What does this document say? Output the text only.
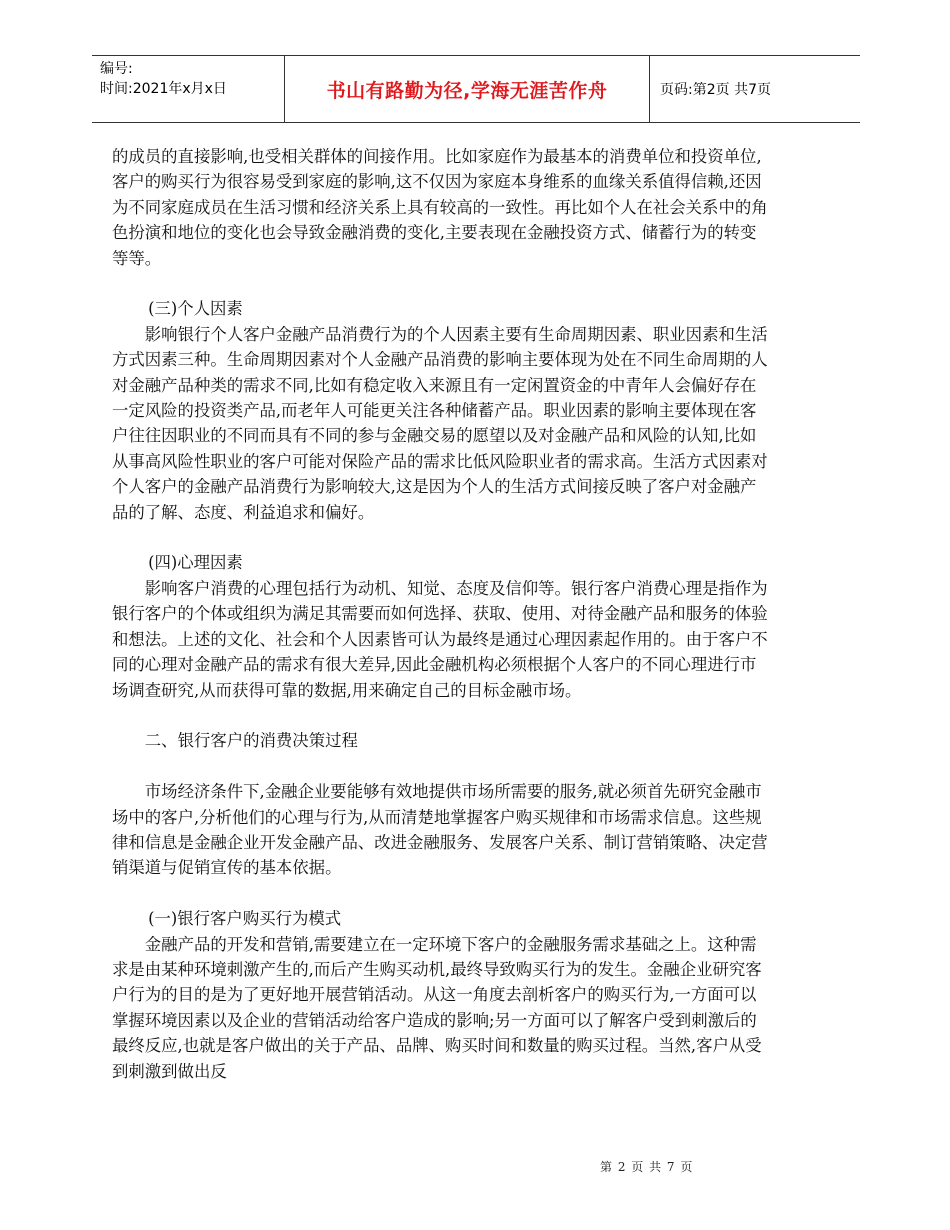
编号:
时间:2021年x月x日	书山有路勤为径,学海无涯苦作舟	页码:第2页 共7页

的成员的直接影响,也受相关群体的间接作用。比如家庭作为最基本的消费单位和投资单位,客户的购买行为很容易受到家庭的影响,这不仅因为家庭本身维系的血缘关系值得信赖,还因为不同家庭成员在生活习惯和经济关系上具有较高的一致性。再比如个人在社会关系中的角色扮演和地位的变化也会导致金融消费的变化,主要表现在金融投资方式、储蓄行为的转变等等。

(三)个人因素

影响银行个人客户金融产品消费行为的个人因素主要有生命周期因素、职业因素和生活方式因素三种。生命周期因素对个人金融产品消费的影响主要体现为处在不同生命周期的人对金融产品种类的需求不同,比如有稳定收入来源且有一定闲置资金的中青年人会偏好存在一定风险的投资类产品,而老年人可能更关注各种储蓄产品。职业因素的影响主要体现在客户往往因职业的不同而具有不同的参与金融交易的愿望以及对金融产品和风险的认知,比如从事高风险性职业的客户可能对保险产品的需求比低风险职业者的需求高。生活方式因素对个人客户的金融产品消费行为影响较大,这是因为个人的生活方式间接反映了客户对金融产品的了解、态度、利益追求和偏好。

(四)心理因素

影响客户消费的心理包括行为动机、知觉、态度及信仰等。银行客户消费心理是指作为银行客户的个体或组织为满足其需要而如何选择、获取、使用、对待金融产品和服务的体验和想法。上述的文化、社会和个人因素皆可认为最终是通过心理因素起作用的。由于客户不同的心理对金融产品的需求有很大差异,因此金融机构必须根据个人客户的不同心理进行市场调查研究,从而获得可靠的数据,用来确定自己的目标金融市场。

二、银行客户的消费决策过程

市场经济条件下,金融企业要能够有效地提供市场所需要的服务,就必须首先研究金融市场中的客户,分析他们的心理与行为,从而清楚地掌握客户购买规律和市场需求信息。这些规律和信息是金融企业开发金融产品、改进金融服务、发展客户关系、制订营销策略、决定营销渠道与促销宣传的基本依据。

(一)银行客户购买行为模式

金融产品的开发和营销,需要建立在一定环境下客户的金融服务需求基础之上。这种需求是由某种环境刺激产生的,而后产生购买动机,最终导致购买行为的发生。金融企业研究客户行为的目的是为了更好地开展营销活动。从这一角度去剖析客户的购买行为,一方面可以掌握环境因素以及企业的营销活动给客户造成的影响;另一方面可以了解客户受到刺激后的最终反应,也就是客户做出的关于产品、品牌、购买时间和数量的购买过程。当然,客户从受到刺激到做出反

第 2 页 共 7 页
